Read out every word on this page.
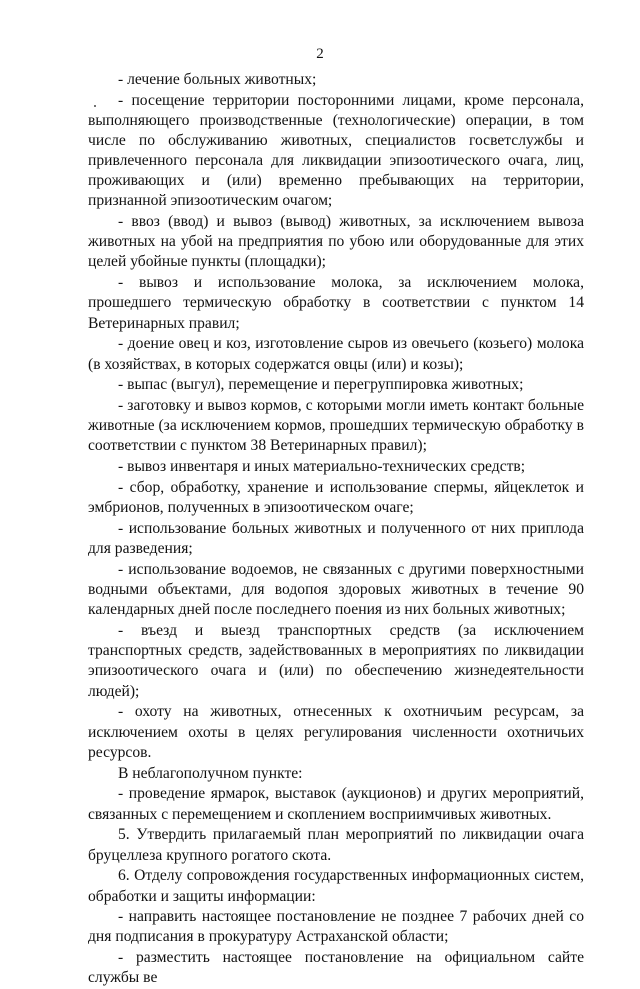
2

- лечение больных животных;

- посещение территории посторонними лицами, кроме персонала, выполняющего производственные (технологические) операции, в том числе по обслуживанию животных, специалистов госветслужбы и привлеченного персонала для ликвидации эпизоотического очага, лиц, проживающих и (или) временно пребывающих на территории, признанной эпизоотическим очагом;

- ввоз (ввод) и вывоз (вывод) животных, за исключением вывоза животных на убой на предприятия по убою или оборудованные для этих целей убойные пункты (площадки);

- вывоз и использование молока, за исключением молока, прошедшего термическую обработку в соответствии с пунктом 14 Ветеринарных правил;

- доение овец и коз, изготовление сыров из овечьего (козьего) молока (в хозяйствах, в которых содержатся овцы (или) и козы);

- выпас (выгул), перемещение и перегруппировка животных;

- заготовку и вывоз кормов, с которыми могли иметь контакт больные животные (за исключением кормов, прошедших термическую обработку в соответствии с пунктом 38 Ветеринарных правил);

- вывоз инвентаря и иных материально-технических средств;

- сбор, обработку, хранение и использование спермы, яйцеклеток и эмбрионов, полученных в эпизоотическом очаге;

- использование больных животных и полученного от них приплода для разведения;

- использование водоемов, не связанных с другими поверхностными водными объектами, для водопоя здоровых животных в течение 90 календарных дней после последнего поения из них больных животных;

- въезд и выезд транспортных средств (за исключением транспортных средств, задействованных в мероприятиях по ликвидации эпизоотического очага и (или) по обеспечению жизнедеятельности людей);

- охоту на животных, отнесенных к охотничьим ресурсам, за исключением охоты в целях регулирования численности охотничьих ресурсов.

В неблагополучном пункте:

- проведение ярмарок, выставок (аукционов) и других мероприятий, связанных с перемещением и скоплением восприимчивых животных.

5. Утвердить прилагаемый план мероприятий по ликвидации очага бруцеллеза крупного рогатого скота.

6. Отделу сопровождения государственных информационных систем, обработки и защиты информации:

- направить настоящее постановление не позднее 7 рабочих дней со дня подписания в прокуратуру Астраханской области;

- разместить настоящее постановление на официальном сайте службы ве
